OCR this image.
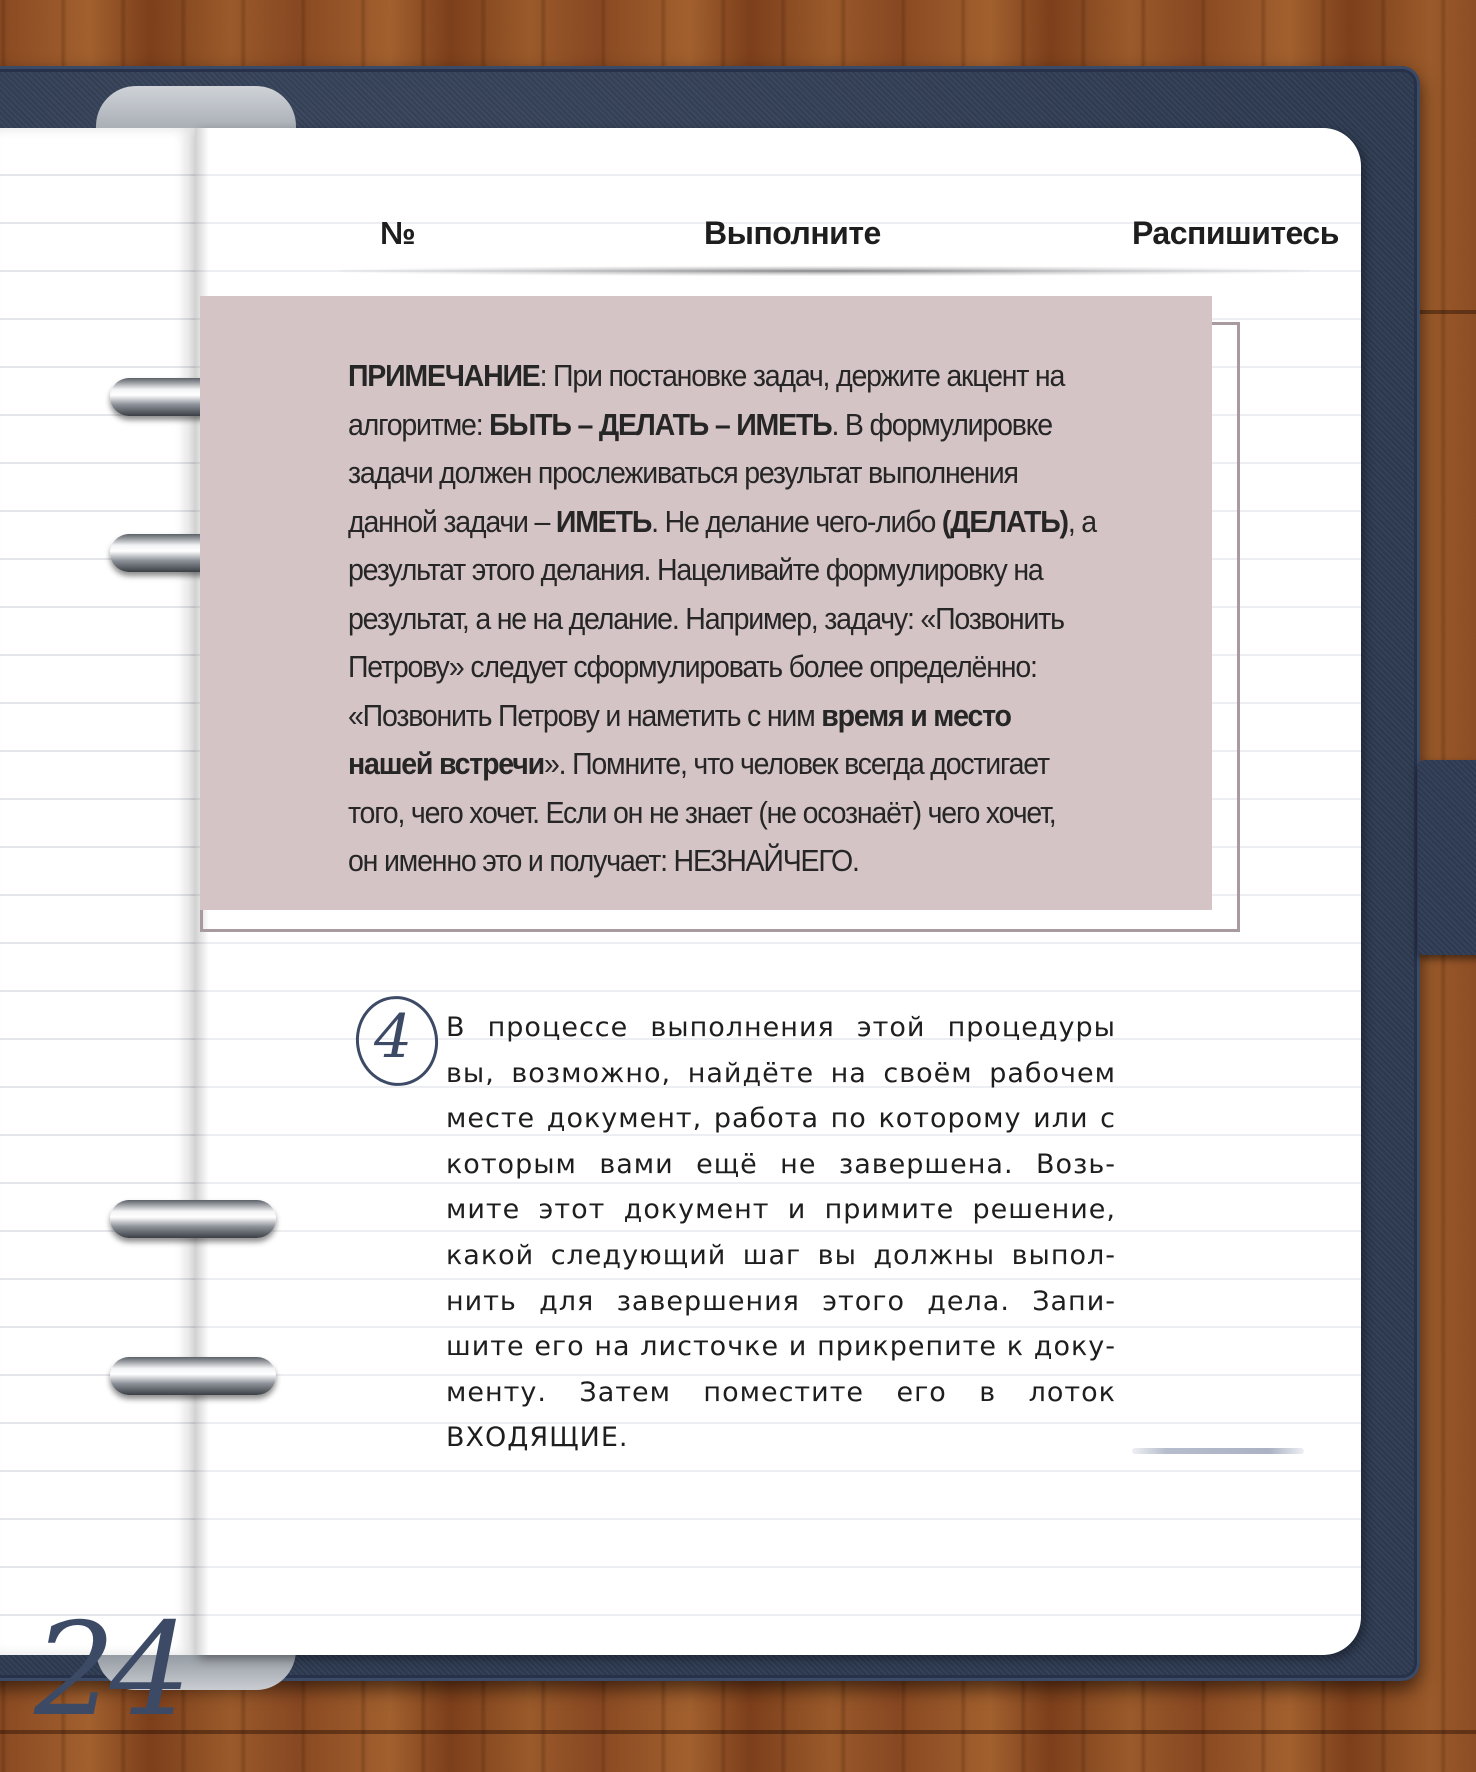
24
№	Выполните	Распишитесь
ПРИМЕЧАНИЕ: При постановке задач, держите акцент на
алгоритме: БЫТЬ – ДЕЛАТЬ – ИМЕТЬ. В формулировке
задачи должен прослеживаться результат выполнения
данной задачи – ИМЕТЬ. Не делание чего-либо (ДЕЛАТЬ), а
результат этого делания. Нацеливайте формулировку на
результат, а не на делание. Например, задачу: «Позвонить
Петрову» следует сформулировать более определённо:
«Позвонить Петрову и наметить с ним время и место
нашей встречи». Помните, что человек всегда достигает
того, чего хочет. Если он не знает (не осознаёт) чего хочет,
он именно это и получает: НЕЗНАЙЧЕГО.
4 В процессе выполнения этой процедуры
вы, возможно, найдёте на своём рабочем
месте документ, работа по которому или с
которым вами ещё не завершена. Возь-
мите этот документ и примите решение,
какой следующий шаг вы должны выпол-
нить для завершения этого дела. Запи-
шите его на листочке и прикрепите к доку-
менту. Затем поместите его в лоток
ВХОДЯЩИЕ.
